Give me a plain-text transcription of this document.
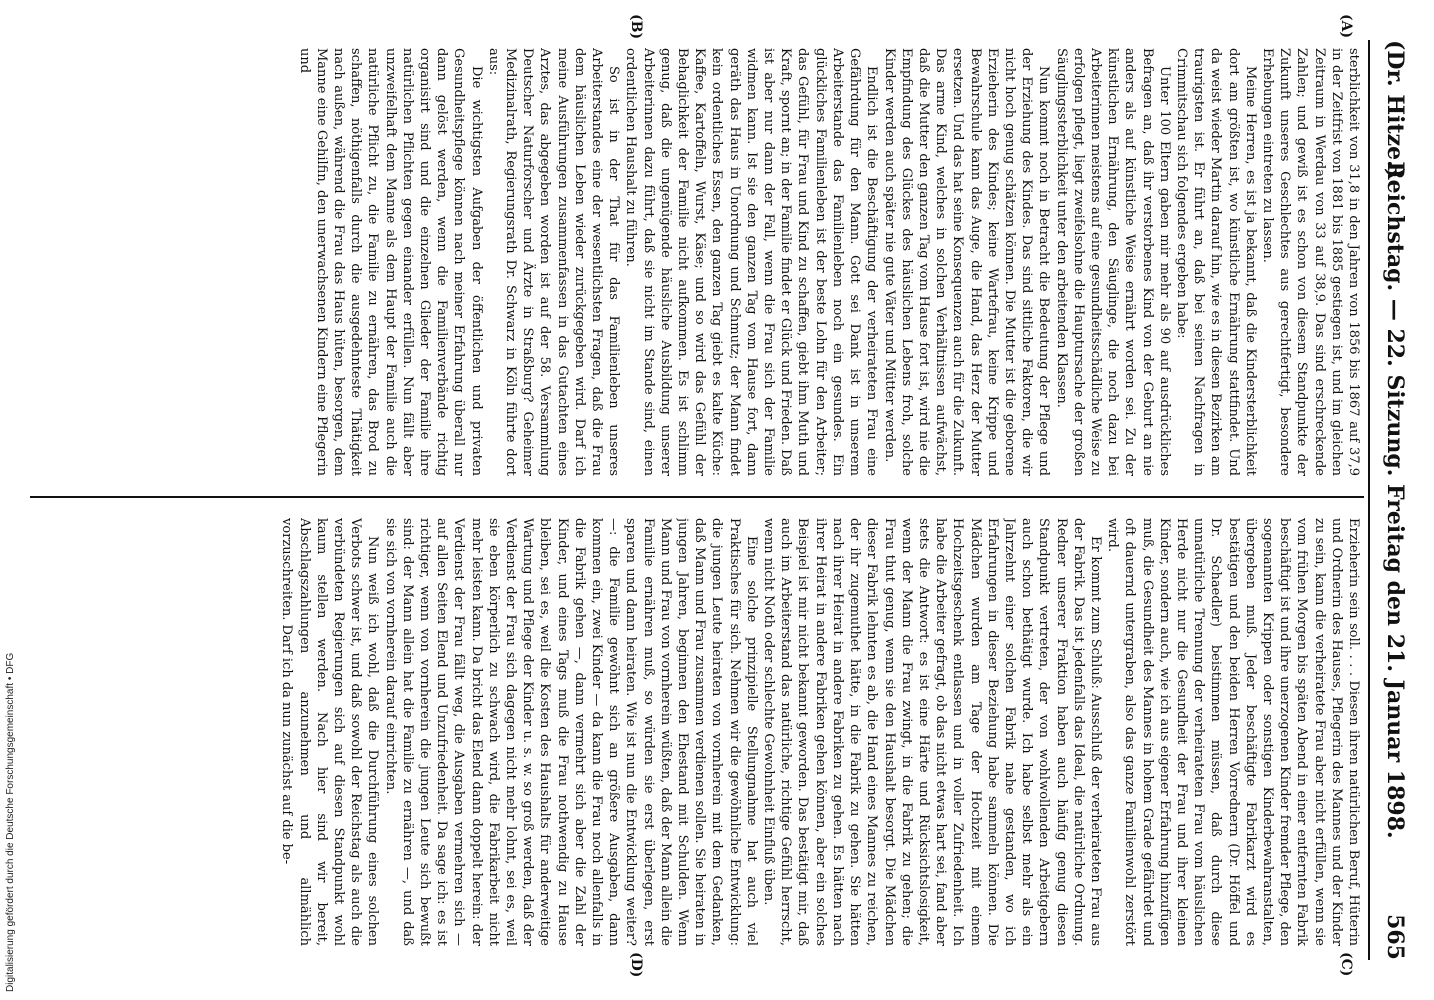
(Dr. Hitze.)
Reichstag. — 22. Sitzung. Freitag den 21. Januar 1898.
565
(A)
(B)
(C)
(D)

sterblichkeit von 31,8 in den Jahren von 1856 bis 1867 auf 37,9 in der Zeitfrist von 1881 bis 1885 gestiegen ist, und im gleichen Zeitraum in Werdau von 33 auf 38,9. Das sind erschreckende Zahlen; und gewiß ist es schon von diesem Standpunkte der Zukunft unseres Geschlechtes aus gerechtfertigt, besondere Erhebungen eintreten zu lassen.

Meine Herren, es ist ja bekannt, daß die Kindersterblichkeit dort am größten ist, wo künstliche Ernährung stattfindet. Und da weist wieder Martin darauf hin, wie es in diesen Bezirken am traurigsten ist. Er führt an, daß bei seinen Nachfragen in Crimmitschau sich folgendes ergeben habe:

Unter 100 Eltern gaben mir mehr als 90 auf ausdrückliches Befragen an, daß ihr verstorbenes Kind von der Geburt an nie anders als auf künstliche Weise ernährt worden sei. Zu der künstlichen Ernährung, den Säuglinge, die noch dazu bei Arbeiterinnen meistens auf eine gesundheitsschädliche Weise zu erfolgen pflegt, liegt zweifelsohne die Hauptursache der großen Säuglingssterblichkeit unter den arbeitenden Klassen.

Nun kommt noch in Betracht die Bedeutung der Pflege und der Erziehung des Kindes. Das sind sittliche Faktoren, die wir nicht hoch genug schätzen können. Die Mutter ist die geborene Erzieherin des Kindes; keine Wartefrau, keine Krippe und Bewahrschule kann das Auge, die Hand, das Herz der Mutter ersetzen. Und das hat seine Konsequenzen auch für die Zukunft. Das arme Kind, welches in solchen Verhältnissen aufwächst, daß die Mutter den ganzen Tag vom Hause fort ist, wird nie die Empfindung des Glückes des häuslichen Lebens froh, solche Kinder werden auch später nie gute Väter und Mütter werden.

Endlich ist die Beschäftigung der verheirateten Frau eine Gefährdung für den Mann. Gott sei Dank ist in unserem Arbeiterstande das Familienleben noch ein gesundes. Ein glückliches Familienleben ist der beste Lohn für den Arbeiter; das Gefühl, für Frau und Kind zu schaffen, giebt ihm Muth und Kraft, spornt an; in der Familie findet er Glück und Frieden. Daß ist aber nur dann der Fall, wenn die Frau sich der Familie widmen kann. Ist sie den ganzen Tag vom Hause fort, dann geräth das Haus in Unordnung und Schmutz; der Mann findet kein ordentliches Essen, den ganzen Tag giebt es kalte Küche: Kaffee, Kartoffeln, Wurst, Käse; und so wird das Gefühl der Behaglichkeit der Familie nicht aufkommen. Es ist schlimm genug, daß die ungenügende häusliche Ausbildung unserer Arbeiterinnen dazu führt, daß sie nicht im Stande sind, einen ordentlichen Haushalt zu führen.

So ist in der That für das Familienleben unseres Arbeiterstandes eine der wesentlichsten Fragen, daß die Frau dem häuslichen Leben wieder zurückgegeben wird. Darf ich meine Ausführungen zusammenfassen in das Gutachten eines Arztes, das abgegeben worden ist auf der 58. Versammlung Deutscher Naturforscher und Ärzte in Straßburg? Geheimer Medizinalrath, Regierungsrath Dr. Schwarz in Köln führte dort aus:

Die wichtigsten Aufgaben der öffentlichen und privaten Gesundheitspflege können nach meiner Erfahrung überall nur dann gelöst werden, wenn die Familienverbände richtig organisirt sind und die einzelnen Glieder der Familie ihre natürlichen Pflichten gegen einander erfüllen. Nun fällt aber unzweifelhaft dem Manne als dem Haupt der Familie auch die natürliche Pflicht zu, die Familie zu ernähren, das Brod zu schaffen, nöthigenfalls durch die ausgedehnteste Thätigkeit nach außen, während die Frau das Haus hüten, besorgen, dem Manne eine Gehilfin, den unerwachsenen Kindern eine Pflegerin und

Erzieherin sein soll. . . . Diesen ihren natürlichen Beruf, Hüterin und Ordnerin des Hauses, Pflegerin des Mannes und der Kinder zu sein, kann die verheiratete Frau aber nicht erfüllen, wenn sie vom frühen Morgen bis späten Abend in einer entfernten Fabrik beschäftigt ist und ihre unerzogenen Kinder fremder Pflege, den sogenannten Krippen oder sonstigen Kinderbewahranstalten, übergeben muß. Jeder beschäftigte Fabrikarzt wird es bestätigen und den beiden Herren Vorrednern (Dr. Höffel und Dr. Schaedler) beistimmen müssen, daß durch diese unnatürliche Trennung der verheirateten Frau vom häuslichen Herde nicht nur die Gesundheit der Frau und ihrer kleinen Kinder, sondern auch, wie ich aus eigener Erfahrung hinzufügen muß, die Gesundheit des Mannes in hohem Grade gefährdet und oft dauernd untergraben, also das ganze Familienwohl zerstört wird.

Er kommt zum Schluß: Ausschluß der verheirateten Frau aus der Fabrik. Das ist jedenfalls das Ideal, die natürliche Ordnung. Redner unserer Fraktion haben auch häufig genug diesen Standpunkt vertreten, der von wohlwollenden Arbeitgebern auch schon bethätigt wurde. Ich habe selbst mehr als ein Jahrzehnt einer solchen Fabrik nahe gestanden, wo ich Erfahrungen in dieser Beziehung habe sammeln können. Die Mädchen wurden am Tage der Hochzeit mit einem Hochzeitsgeschenk entlassen und in voller Zufriedenheit. Ich habe die Arbeiter gefragt, ob das nicht etwas hart sei, fand aber stets die Antwort: es ist eine Härte und Rücksichtslosigkeit, wenn der Mann die Frau zwingt, in die Fabrik zu gehen; die Frau thut genug, wenn sie den Haushalt besorgt. Die Mädchen dieser Fabrik lehnten es ab, die Hand eines Mannes zu reichen, der ihr zugemuthet hätte, in die Fabrik zu gehen. Sie hätten nach ihrer Heirat in andere Fabriken zu gehen. Es hätten nach ihrer Heirat in andere Fabriken gehen können, aber ein solches Beispiel ist mir nicht bekannt geworden. Das bestätigt mir, daß auch im Arbeiterstand das natürliche, richtige Gefühl herrscht, wenn nicht Noth oder schlechte Gewohnheit Einfluß üben.

Eine solche prinzipielle Stellungnahme hat auch viel Praktisches für sich. Nehmen wir die gewöhnliche Entwicklung: die jungen Leute heiraten von vornherein mit dem Gedanken, daß Mann und Frau zusammen verdienen sollen. Sie heiraten in jungen Jahren, beginnen den Ehestand mit Schulden. Wenn Mann und Frau von vornherein wüßten, daß der Mann allein die Familie ernähren muß, so würden sie erst überlegen, erst sparen und dann heiraten. Wie ist nun die Entwicklung weiter? —: die Familie gewöhnt sich an größere Ausgaben, dann kommen ein, zwei Kinder — da kann die Frau noch allenfalls in die Fabrik gehen —, dann vermehrt sich aber die Zahl der Kinder, und eines Tags muß die Frau nothwendig zu Hause bleiben, sei es, weil die Kosten des Haushalts für anderweitige Wartung und Pflege der Kinder u. s. w. so groß werden, daß der Verdienst der Frau sich dagegen nicht mehr lohnt, sei es, weil sie eben körperlich zu schwach wird, die Fabrikarbeit nicht mehr leisten kann. Da bricht das Elend dann doppelt herein: der Verdienst der Frau fällt weg, die Ausgaben vermehren sich — auf allen Seiten Elend und Unzufriedenheit. Da sage ich: es ist richtiger, wenn von vornherein die jungen Leute sich bewußt sind: der Mann allein hat die Familie zu ernähren —, und daß sie sich von vornherein darauf einrichten.

Nun weiß ich wohl, daß die Durchführung eines solchen Verbots schwer ist, und daß sowohl der Reichstag als auch die verbündeten Regierungen sich auf diesen Standpunkt wohl kaum stellen werden. Nach hier sind wir bereit, Abschlagszahlungen anzunehmen und allmählich vorzuschreiten. Darf ich da nun zunächst auf die be-

Digitalisierung gefördert durch die Deutsche Forschungsgemeinschaft • DFG
